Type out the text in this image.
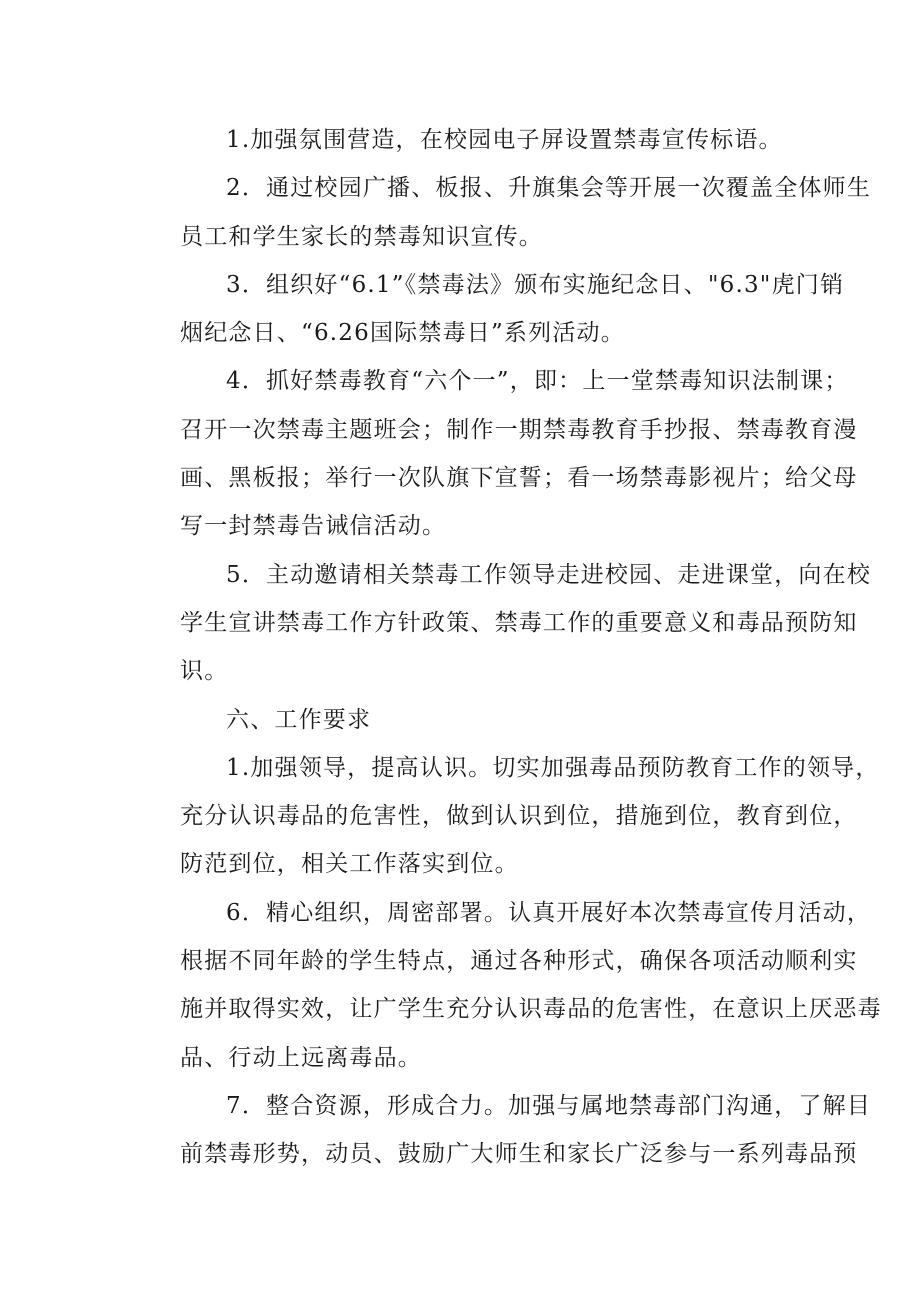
1.加强氛围营造，在校园电子屏设置禁毒宣传标语。
2．通过校园广播、板报、升旗集会等开展一次覆盖全体师生
员工和学生家长的禁毒知识宣传。
3．组织好“6.1”《禁毒法》颁布实施纪念日、"6.3"虎门销
烟纪念日、“6.26国际禁毒日”系列活动。
4．抓好禁毒教育“六个一”，即：上一堂禁毒知识法制课；
召开一次禁毒主题班会；制作一期禁毒教育手抄报、禁毒教育漫
画、黑板报；举行一次队旗下宣誓；看一场禁毒影视片；给父母
写一封禁毒告诫信活动。
5．主动邀请相关禁毒工作领导走进校园、走进课堂，向在校
学生宣讲禁毒工作方针政策、禁毒工作的重要意义和毒品预防知
识。
六、工作要求
1.加强领导，提高认识。切实加强毒品预防教育工作的领导，
充分认识毒品的危害性，做到认识到位，措施到位，教育到位，
防范到位，相关工作落实到位。
6．精心组织，周密部署。认真开展好本次禁毒宣传月活动，
根据不同年龄的学生特点，通过各种形式，确保各项活动顺利实
施并取得实效，让广学生充分认识毒品的危害性，在意识上厌恶毒
品、行动上远离毒品。
7．整合资源，形成合力。加强与属地禁毒部门沟通，了解目
前禁毒形势，动员、鼓励广大师生和家长广泛参与一系列毒品预
